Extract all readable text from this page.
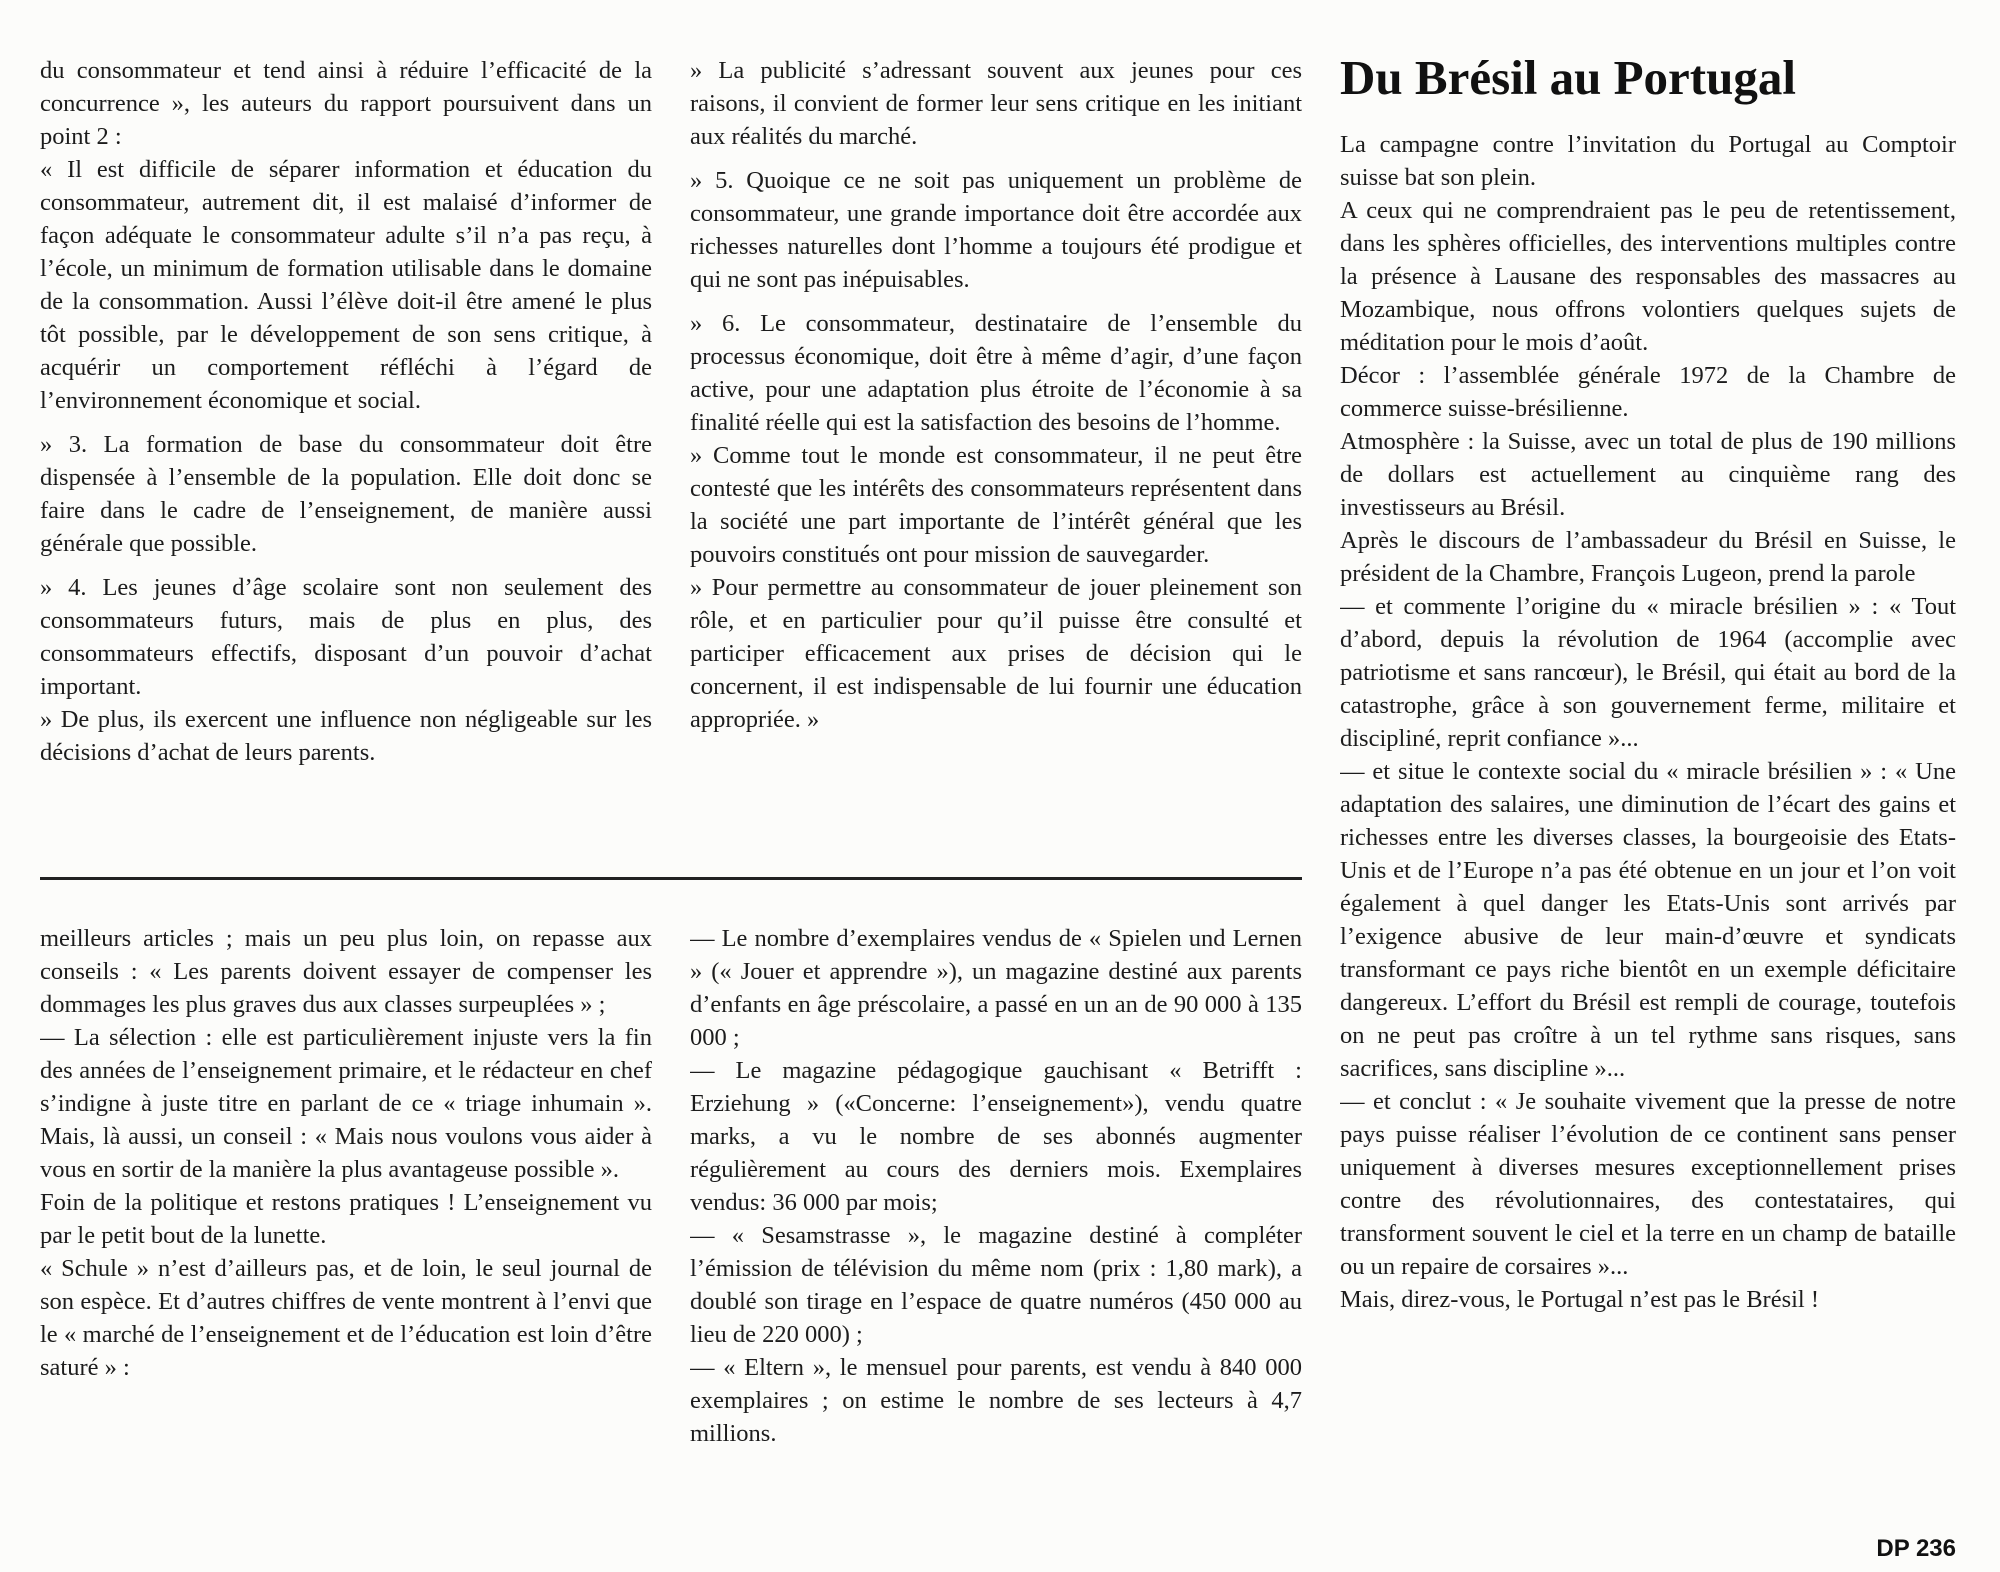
du consommateur et tend ainsi à réduire l’efficacité de la concurrence », les auteurs du rapport poursuivent dans un point 2 :

« Il est difficile de séparer information et éducation du consommateur, autrement dit, il est malaisé d’informer de façon adéquate le consommateur adulte s’il n’a pas reçu, à l’école, un minimum de formation utilisable dans le domaine de la consommation. Aussi l’élève doit-il être amené le plus tôt possible, par le développement de son sens critique, à acquérir un comportement réfléchi à l’égard de l’environnement économique et social.

» 3. La formation de base du consommateur doit être dispensée à l’ensemble de la population. Elle doit donc se faire dans le cadre de l’enseignement, de manière aussi générale que possible.

» 4. Les jeunes d’âge scolaire sont non seulement des consommateurs futurs, mais de plus en plus, des consommateurs effectifs, disposant d’un pouvoir d’achat important.

» De plus, ils exercent une influence non négligeable sur les décisions d’achat de leurs parents.

» La publicité s’adressant souvent aux jeunes pour ces raisons, il convient de former leur sens critique en les initiant aux réalités du marché.

» 5. Quoique ce ne soit pas uniquement un problème de consommateur, une grande importance doit être accordée aux richesses naturelles dont l’homme a toujours été prodigue et qui ne sont pas inépuisables.

» 6. Le consommateur, destinataire de l’ensemble du processus économique, doit être à même d’agir, d’une façon active, pour une adaptation plus étroite de l’économie à sa finalité réelle qui est la satisfaction des besoins de l’homme.

» Comme tout le monde est consommateur, il ne peut être contesté que les intérêts des consommateurs représentent dans la société une part importante de l’intérêt général que les pouvoirs constitués ont pour mission de sauvegarder.

» Pour permettre au consommateur de jouer pleinement son rôle, et en particulier pour qu’il puisse être consulté et participer efficacement aux prises de décision qui le concernent, il est indispensable de lui fournir une éducation appropriée. »

meilleurs articles ; mais un peu plus loin, on repasse aux conseils : « Les parents doivent essayer de compenser les dommages les plus graves dus aux classes surpeuplées » ;

— La sélection : elle est particulièrement injuste vers la fin des années de l’enseignement primaire, et le rédacteur en chef s’indigne à juste titre en parlant de ce « triage inhumain ». Mais, là aussi, un conseil : « Mais nous voulons vous aider à vous en sortir de la manière la plus avantageuse possible ».

Foin de la politique et restons pratiques ! L’enseignement vu par le petit bout de la lunette.

« Schule » n’est d’ailleurs pas, et de loin, le seul journal de son espèce. Et d’autres chiffres de vente montrent à l’envi que le « marché de l’enseignement et de l’éducation est loin d’être saturé » :

— Le nombre d’exemplaires vendus de « Spielen und Lernen » (« Jouer et apprendre »), un magazine destiné aux parents d’enfants en âge préscolaire, a passé en un an de 90 000 à 135 000 ;

— Le magazine pédagogique gauchisant « Betrifft : Erziehung » («Concerne: l’enseignement»), vendu quatre marks, a vu le nombre de ses abonnés augmenter régulièrement au cours des derniers mois. Exemplaires vendus: 36 000 par mois;

— « Sesamstrasse », le magazine destiné à compléter l’émission de télévision du même nom (prix : 1,80 mark), a doublé son tirage en l’espace de quatre numéros (450 000 au lieu de 220 000) ;

— « Eltern », le mensuel pour parents, est vendu à 840 000 exemplaires ; on estime le nombre de ses lecteurs à 4,7 millions.

Du Brésil au Portugal

La campagne contre l’invitation du Portugal au Comptoir suisse bat son plein.

A ceux qui ne comprendraient pas le peu de retentissement, dans les sphères officielles, des interventions multiples contre la présence à Lausane des responsables des massacres au Mozambique, nous offrons volontiers quelques sujets de méditation pour le mois d’août.

Décor : l’assemblée générale 1972 de la Chambre de commerce suisse-brésilienne.

Atmosphère : la Suisse, avec un total de plus de 190 millions de dollars est actuellement au cinquième rang des investisseurs au Brésil.

Après le discours de l’ambassadeur du Brésil en Suisse, le président de la Chambre, François Lugeon, prend la parole

— et commente l’origine du « miracle brésilien » : « Tout d’abord, depuis la révolution de 1964 (accomplie avec patriotisme et sans rancœur), le Brésil, qui était au bord de la catastrophe, grâce à son gouvernement ferme, militaire et discipliné, reprit confiance »...

— et situe le contexte social du « miracle brésilien » : « Une adaptation des salaires, une diminution de l’écart des gains et richesses entre les diverses classes, la bourgeoisie des Etats-Unis et de l’Europe n’a pas été obtenue en un jour et l’on voit également à quel danger les Etats-Unis sont arrivés par l’exigence abusive de leur main-d’œuvre et syndicats transformant ce pays riche bientôt en un exemple déficitaire dangereux. L’effort du Brésil est rempli de courage, toutefois on ne peut pas croître à un tel rythme sans risques, sans sacrifices, sans discipline »...

— et conclut : « Je souhaite vivement que la presse de notre pays puisse réaliser l’évolution de ce continent sans penser uniquement à diverses mesures exceptionnellement prises contre des révolutionnaires, des contestataires, qui transforment souvent le ciel et la terre en un champ de bataille ou un repaire de corsaires »...

Mais, direz-vous, le Portugal n’est pas le Brésil !

DP 236
